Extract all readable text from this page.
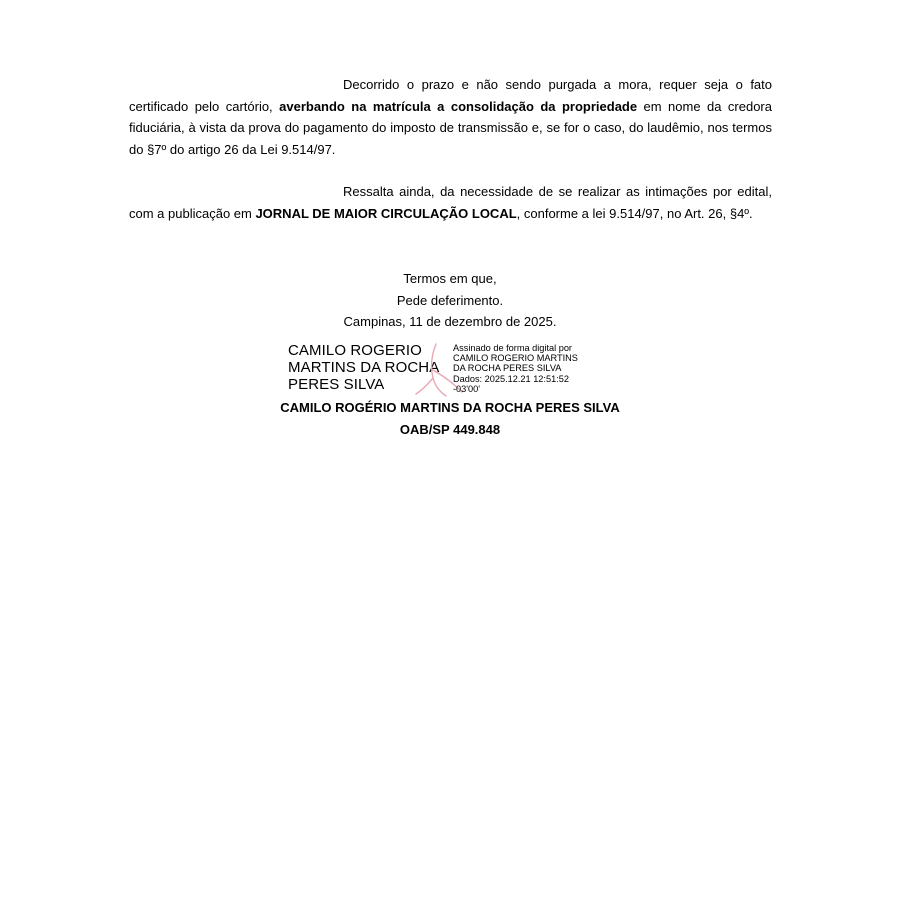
Decorrido o prazo e não sendo purgada a mora, requer seja o fato certificado pelo cartório, averbando na matrícula a consolidação da propriedade em nome da credora fiduciária, à vista da prova do pagamento do imposto de transmissão e, se for o caso, do laudêmio, nos termos do §7º do artigo 26 da Lei 9.514/97.
Ressalta ainda, da necessidade de se realizar as intimações por edital, com a publicação em JORNAL DE MAIOR CIRCULAÇÃO LOCAL, conforme a lei 9.514/97, no Art. 26, §4º.
Termos em que,
Pede deferimento.
Campinas, 11 de dezembro de 2025.
CAMILO ROGERIO
MARTINS DA ROCHA
PERES SILVA
Assinado de forma digital por
CAMILO ROGERIO MARTINS
DA ROCHA PERES SILVA
Dados: 2025.12.21 12:51:52
-03'00'
CAMILO ROGÉRIO MARTINS DA ROCHA PERES SILVA
OAB/SP 449.848
